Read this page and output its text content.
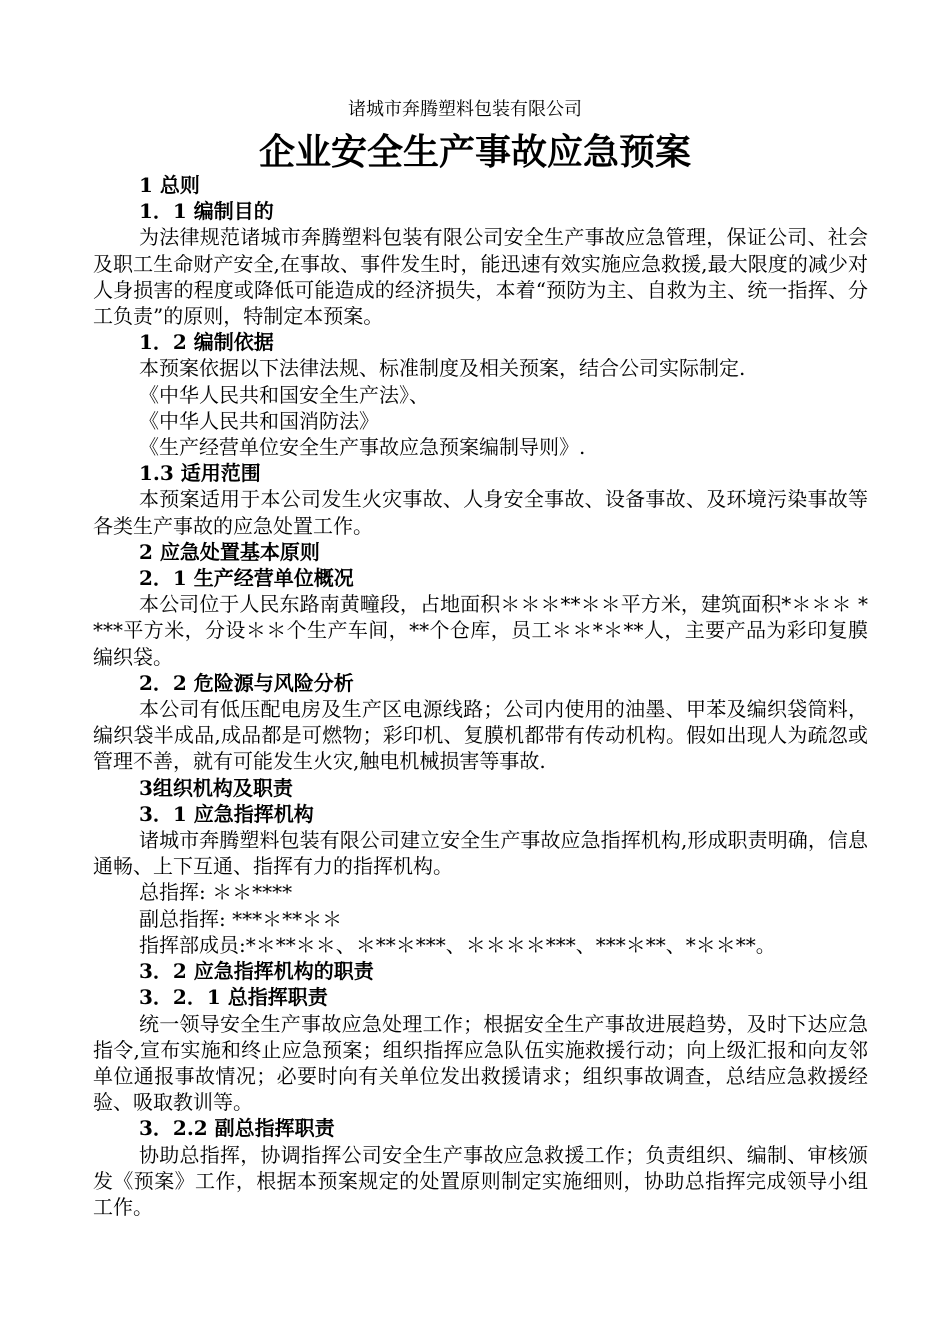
诸城市奔腾塑料包装有限公司
企业安全生产事故应急预案
1 总则
1．1 编制目的
为法律规范诸城市奔腾塑料包装有限公司安全生产事故应急管理，保证公司、社会及职工生命财产安全,在事故、事件发生时，能迅速有效实施应急救援,最大限度的减少对人身损害的程度或降低可能造成的经济损失，本着“预防为主、自救为主、统一指挥、分工负责”的原则，特制定本预案。
1．2 编制依据
本预案依据以下法律法规、标准制度及相关预案，结合公司实际制定.
《中华人民共和国安全生产法》、
《中华人民共和国消防法》
《生产经营单位安全生产事故应急预案编制导则》.
1.3 适用范围
本预案适用于本公司发生火灾事故、人身安全事故、设备事故、及环境污染事故等各类生产事故的应急处置工作。
2 应急处置基本原则
2．1 生产经营单位概况
本公司位于人民东路南黄疃段，占地面积＊＊＊**＊＊平方米，建筑面积*＊＊＊ ****平方米，分设＊＊个生产车间，**个仓库，员工＊＊*＊**人，主要产品为彩印复膜编织袋。
2．2 危险源与风险分析
本公司有低压配电房及生产区电源线路；公司内使用的油墨、甲苯及编织袋筒料，编织袋半成品,成品都是可燃物；彩印机、复膜机都带有传动机构。假如出现人为疏忽或管理不善，就有可能发生火灾,触电机械损害等事故.
3组织机构及职责
3．1 应急指挥机构
诸城市奔腾塑料包装有限公司建立安全生产事故应急指挥机构,形成职责明确，信息通畅、上下互通、指挥有力的指挥机构。
总指挥: ＊＊****
副总指挥: ***＊**＊＊
指挥部成员:*＊**＊＊、＊**＊***、＊＊＊＊***、***＊**、*＊＊**。
3．2 应急指挥机构的职责
3．2．1 总指挥职责
统一领导安全生产事故应急处理工作；根据安全生产事故进展趋势，及时下达应急指令,宣布实施和终止应急预案；组织指挥应急队伍实施救援行动；向上级汇报和向友邻单位通报事故情况；必要时向有关单位发出救援请求；组织事故调查，总结应急救援经验、吸取教训等。
3．2.2 副总指挥职责
协助总指挥，协调指挥公司安全生产事故应急救援工作；负责组织、编制、审核颁发《预案》工作，根据本预案规定的处置原则制定实施细则，协助总指挥完成领导小组工作。
